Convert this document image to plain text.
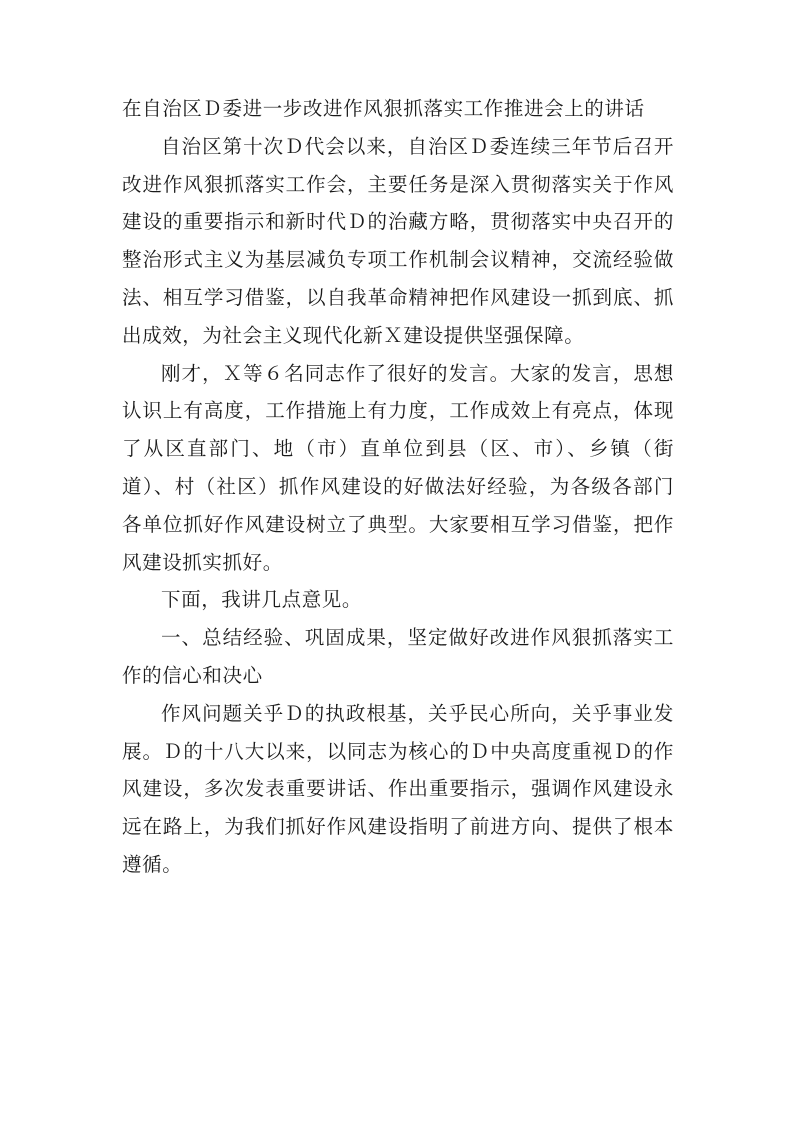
在自治区Ｄ委进一步改进作风狠抓落实工作推进会上的讲话

自治区第十次Ｄ代会以来，自治区Ｄ委连续三年节后召开改进作风狠抓落实工作会，主要任务是深入贯彻落实关于作风建设的重要指示和新时代Ｄ的治藏方略，贯彻落实中央召开的整治形式主义为基层减负专项工作机制会议精神，交流经验做法、相互学习借鉴，以自我革命精神把作风建设一抓到底、抓出成效，为社会主义现代化新Ｘ建设提供坚强保障。

刚才，Ｘ等６名同志作了很好的发言。大家的发言，思想认识上有高度，工作措施上有力度，工作成效上有亮点，体现了从区直部门、地（市）直单位到县（区、市）、乡镇（街道）、村（社区）抓作风建设的好做法好经验，为各级各部门各单位抓好作风建设树立了典型。大家要相互学习借鉴，把作风建设抓实抓好。

下面，我讲几点意见。

一、总结经验、巩固成果，坚定做好改进作风狠抓落实工作的信心和决心

作风问题关乎Ｄ的执政根基，关乎民心所向，关乎事业发展。Ｄ的十八大以来，以同志为核心的Ｄ中央高度重视Ｄ的作风建设，多次发表重要讲话、作出重要指示，强调作风建设永远在路上，为我们抓好作风建设指明了前进方向、提供了根本遵循。
